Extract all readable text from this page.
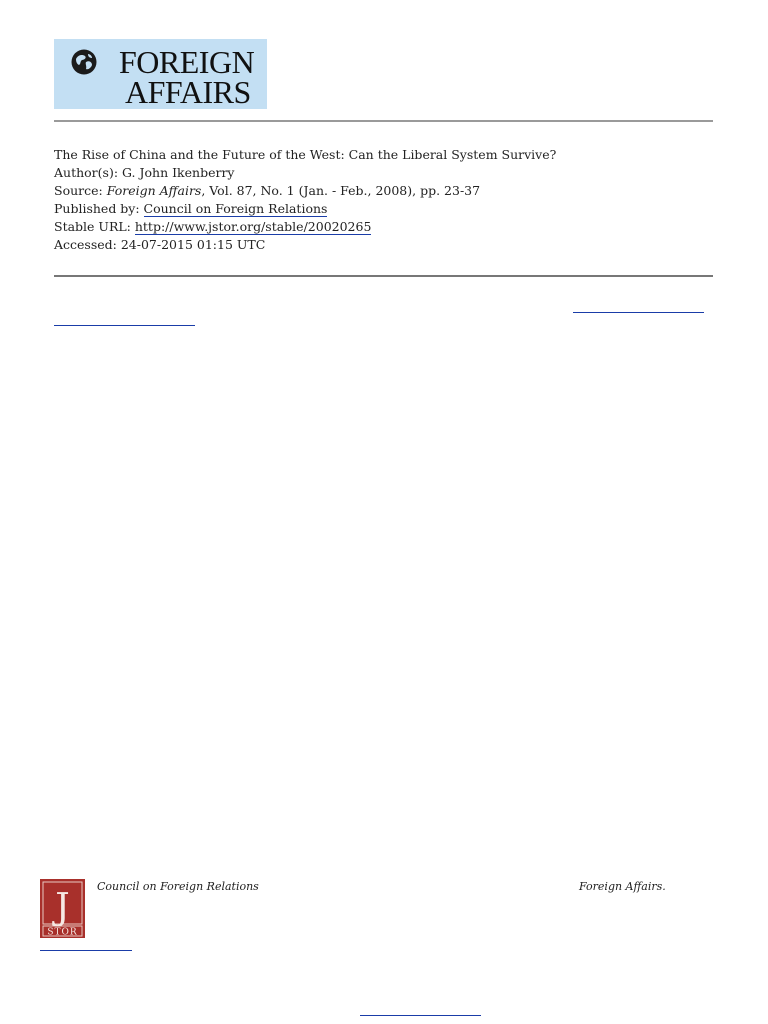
FOREIGN
AFFAIRS
The Rise of China and the Future of the West: Can the Liberal System Survive?
Author(s): G. John Ikenberry
Source: Foreign Affairs, Vol. 87, No. 1 (Jan. - Feb., 2008), pp. 23-37
Published by: Council on Foreign Relations
Stable URL: http://www.jstor.org/stable/20020265
Accessed: 24-07-2015 01:15 UTC
J
STOR
Council on Foreign Relations	Foreign Affairs.
